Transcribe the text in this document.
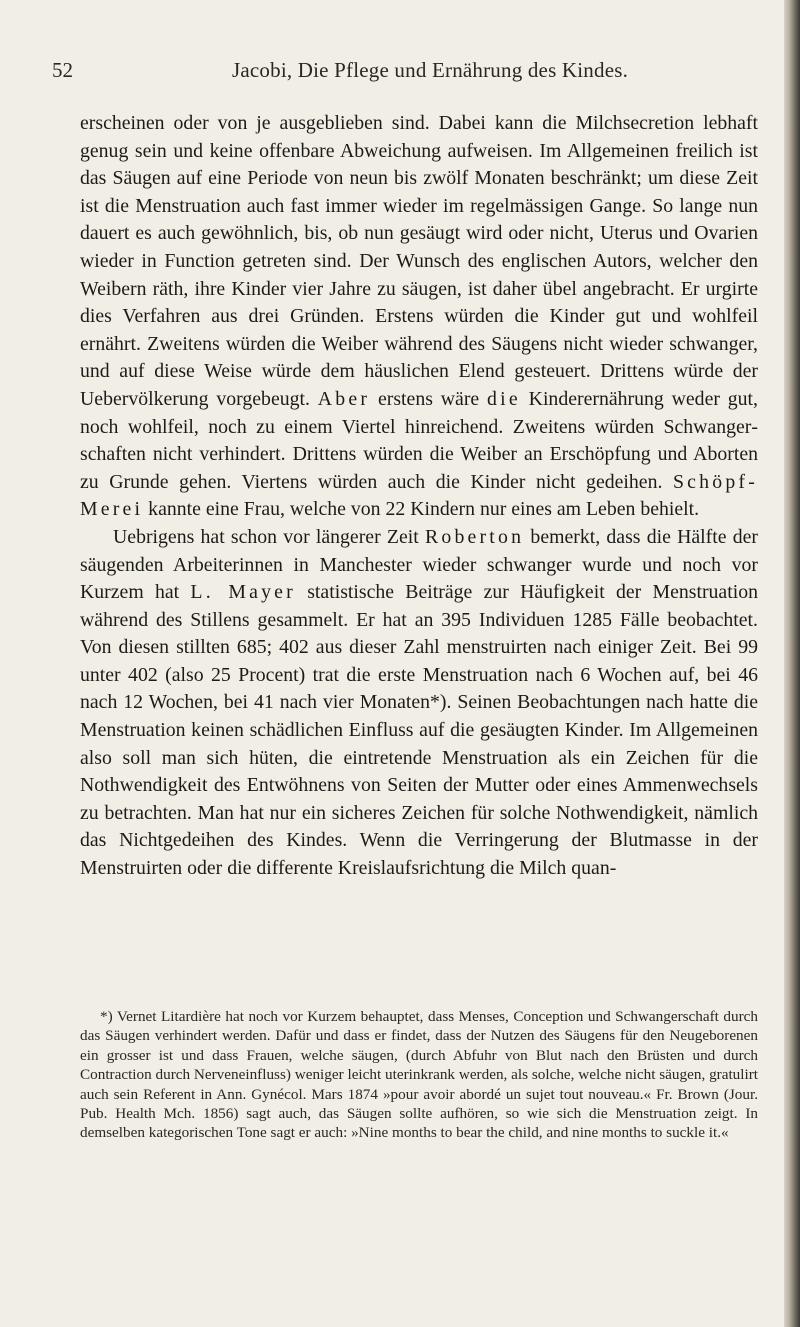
52	Jacobi, Die Pflege und Ernährung des Kindes.

erscheinen oder von je ausgeblieben sind. Dabei kann die Milchsecretion lebhaft genug sein und keine offenbare Abweichung aufweisen. Im Allgemeinen freilich ist das Säugen auf eine Periode von neun bis zwölf Monaten beschränkt; um diese Zeit ist die Menstruation auch fast immer wieder im regelmässigen Gange. So lange nun dauert es auch gewöhnlich, bis, ob nun gesäugt wird oder nicht, Uterus und Ovarien wieder in Function getreten sind. Der Wunsch des englischen Autors, welcher den Weibern räth, ihre Kinder vier Jahre zu säugen, ist daher übel angebracht. Er urgirte dies Verfahren aus drei Gründen. Erstens würden die Kinder gut und wohlfeil ernährt. Zweitens würden die Weiber während des Säugens nicht wieder schwanger, und auf diese Weise würde dem häuslichen Elend gesteuert. Drittens würde der Uebervölkerung vorgebeugt. Aber erstens wäre die Kinderernährung weder gut, noch wohlfeil, noch zu einem Viertel hinreichend. Zweitens würden Schwangerschaften nicht verhindert. Drittens würden die Weiber an Erschöpfung und Aborten zu Grunde gehen. Viertens würden auch die Kinder nicht gedeihen. Schöpf-Merei kannte eine Frau, welche von 22 Kindern nur eines am Leben behielt.

Uebrigens hat schon vor längerer Zeit Roberton bemerkt, dass die Hälfte der säugenden Arbeiterinnen in Manchester wieder schwanger wurde und noch vor Kurzem hat L. Mayer statistische Beiträge zur Häufigkeit der Menstruation während des Stillens gesammelt. Er hat an 395 Individuen 1285 Fälle beobachtet. Von diesen stillten 685; 402 aus dieser Zahl menstruirten nach einiger Zeit. Bei 99 unter 402 (also 25 Procent) trat die erste Menstruation nach 6 Wochen auf, bei 46 nach 12 Wochen, bei 41 nach vier Monaten*). Seinen Beobachtungen nach hatte die Menstruation keinen schädlichen Einfluss auf die gesäugten Kinder. Im Allgemeinen also soll man sich hüten, die eintretende Menstruation als ein Zeichen für die Nothwendigkeit des Entwöhnens von Seiten der Mutter oder eines Ammenwechsels zu betrachten. Man hat nur ein sicheres Zeichen für solche Nothwendigkeit, nämlich das Nichtgedeihen des Kindes. Wenn die Verringerung der Blutmasse in der Menstruirten oder die differente Kreislaufsrichtung die Milch quan-

*) Vernet Litardière hat noch vor Kurzem behauptet, dass Menses, Conception und Schwangerschaft durch das Säugen verhindert werden. Dafür und dass er findet, dass der Nutzen des Säugens für den Neugeborenen ein grosser ist und dass Frauen, welche säugen, (durch Abfuhr von Blut nach den Brüsten und durch Contraction durch Nerveneinfluss) weniger leicht uterinkrank werden, als solche, welche nicht säugen, gratulirt auch sein Referent in Ann. Gynécol. Mars 1874 »pour avoir abordé un sujet tout nouveau.« Fr. Brown (Jour. Pub. Health Mch. 1856) sagt auch, das Säugen sollte aufhören, so wie sich die Menstruation zeigt. In demselben kategorischen Tone sagt er auch: »Nine months to bear the child, and nine months to suckle it.«
